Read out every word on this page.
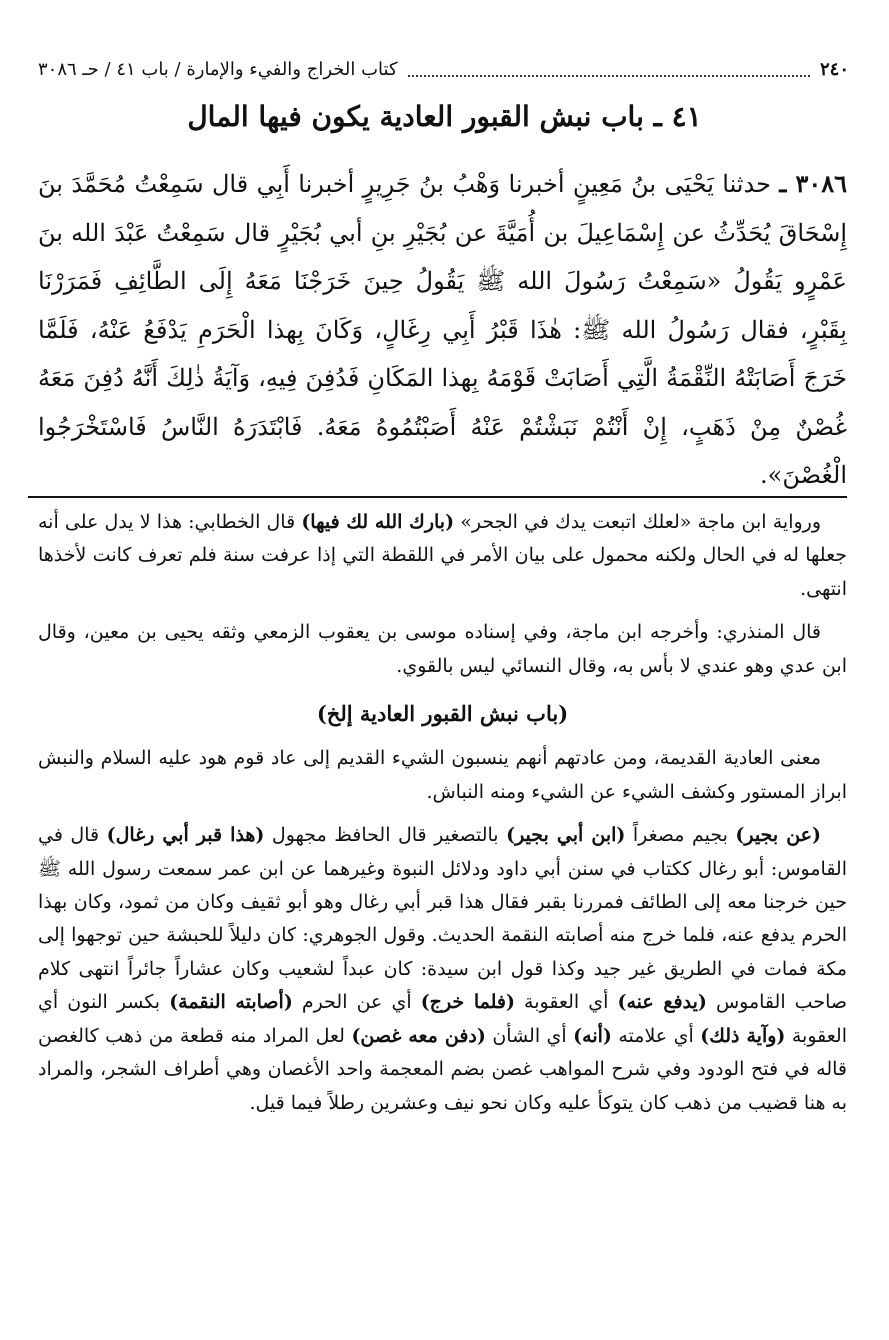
٢٤٠
كتاب الخراج والفيء والإمارة / باب ٤١ / حـ ٣٠٨٦
٤١ ـ باب نبش القبور العادية يكون فيها المال
٣٠٨٦ ـ حدثنا يَحْيَى بنُ مَعِينٍ أخبرنا وَهْبُ بنُ جَرِيرٍ أخبرنا أَبِي قال سَمِعْتُ مُحَمَّدَ بنَ إِسْحَاقَ يُحَدِّثُ عن إِسْمَاعِيلَ بن أُمَيَّةَ عن بُجَيْرِ بنِ أبي بُجَيْرٍ قال سَمِعْتُ عَبْدَ الله بنَ عَمْرٍو يَقُولُ «سَمِعْتُ رَسُولَ الله ﷺ يَقُولُ حِينَ خَرَجْنَا مَعَهُ إِلَى الطَّائِفِ فَمَرَرْنَا بِقَبْرٍ، فقال رَسُولُ الله ﷺ: هٰذَا قَبْرُ أَبِي رِغَالٍ، وَكَانَ بِهذا الْحَرَمِ يَدْفَعُ عَنْهُ، فَلَمَّا خَرَجَ أَصَابَتْهُ النِّقْمَةُ الَّتِي أَصَابَتْ قَوْمَهُ بِهذا المَكَانِ فَدُفِنَ فِيهِ، وَآيَةُ ذٰلِكَ أَنَّهُ دُفِنَ مَعَهُ غُصْنٌ مِنْ ذَهَبٍ، إِنْ أَنْتُمْ نَبَشْتُمْ عَنْهُ أَصَبْتُمُوهُ مَعَهُ. فَابْتَدَرَهُ النَّاسُ فَاسْتَخْرَجُوا الْغُصْنَ».

ورواية ابن ماجة «لعلك اتبعت يدك في الجحر» (بارك الله لك فيها) قال الخطابي: هذا لا يدل على أنه جعلها له في الحال ولكنه محمول على بيان الأمر في اللقطة التي إذا عرفت سنة فلم تعرف كانت لأخذها انتهى.

قال المنذري: وأخرجه ابن ماجة، وفي إسناده موسى بن يعقوب الزمعي وثقه يحيى بن معين، وقال ابن عدي وهو عندي لا بأس به، وقال النسائي ليس بالقوي.

(باب نبش القبور العادية إلخ)

معنى العادية القديمة، ومن عادتهم أنهم ينسبون الشيء القديم إلى عاد قوم هود عليه السلام والنبش ابراز المستور وكشف الشيء عن الشيء ومنه النباش.

(عن بجير) بجيم مصغراً (ابن أبي بجير) بالتصغير قال الحافظ مجهول (هذا قبر أبي رغال) قال في القاموس: أبو رغال ككتاب في سنن أبي داود ودلائل النبوة وغيرهما عن ابن عمر سمعت رسول الله ﷺ حين خرجنا معه إلى الطائف فمررنا بقبر فقال هذا قبر أبي رغال وهو أبو ثقيف وكان من ثمود، وكان بهذا الحرم يدفع عنه، فلما خرج منه أصابته النقمة الحديث. وقول الجوهري: كان دليلاً للحبشة حين توجهوا إلى مكة فمات في الطريق غير جيد وكذا قول ابن سيدة: كان عبداً لشعيب وكان عشاراً جائراً انتهى كلام صاحب القاموس (يدفع عنه) أي العقوبة (فلما خرج) أي عن الحرم (أصابته النقمة) بكسر النون أي العقوبة (وآية ذلك) أي علامته (أنه) أي الشأن (دفن معه غصن) لعل المراد منه قطعة من ذهب كالغصن قاله في فتح الودود وفي شرح المواهب غصن بضم المعجمة واحد الأغصان وهي أطراف الشجر، والمراد به هنا قضيب من ذهب كان يتوكأ عليه وكان نحو نيف وعشرين رطلاً فيما قيل.
